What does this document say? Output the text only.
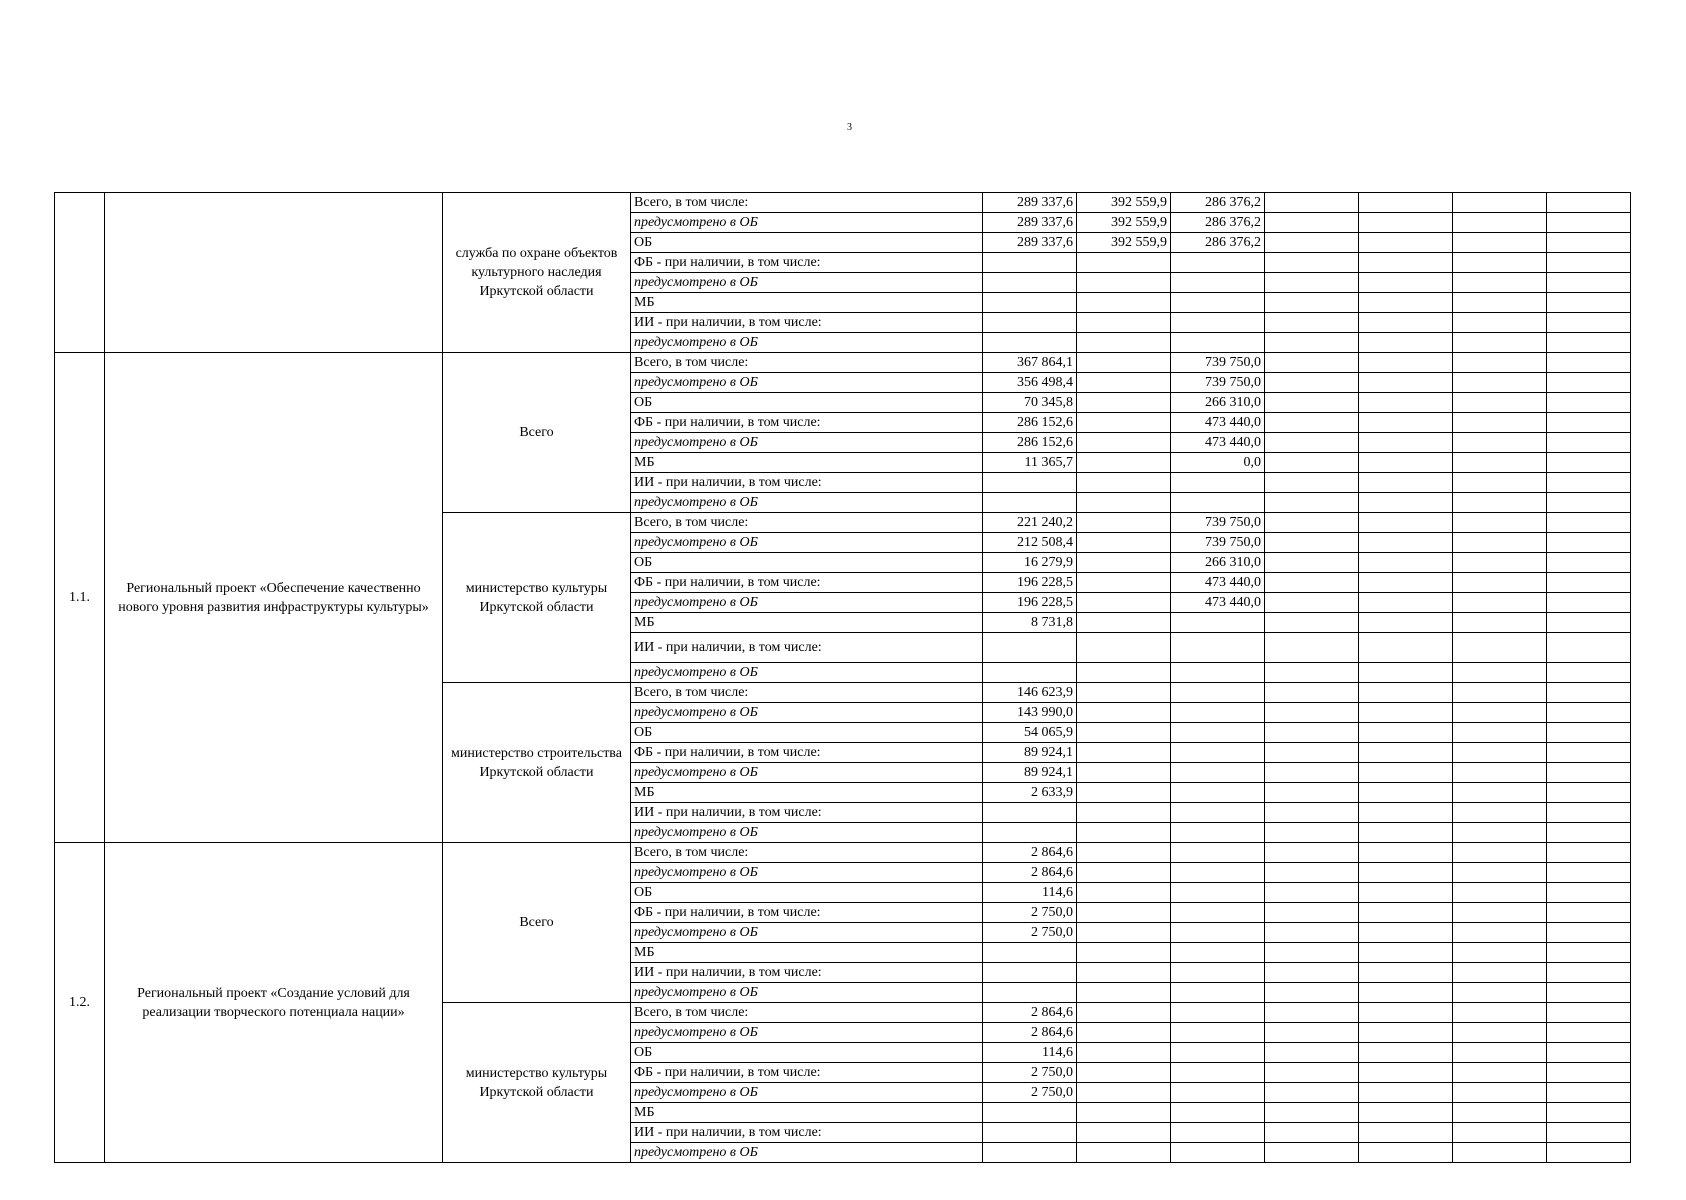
3
		служба по охране объектов культурного наследия Иркутской области	Всего, в том числе:	289 337,6	392 559,9	286 376,2				
			предусмотрено в ОБ	289 337,6	392 559,9	286 376,2				
			ОБ	289 337,6	392 559,9	286 376,2				
			ФБ - при наличии, в том числе:							
			предусмотрено в ОБ							
			МБ							
			ИИ - при наличии, в том числе:							
			предусмотрено в ОБ							
1.1.	Региональный проект «Обеспечение качественно нового уровня развития инфраструктуры культуры»	Всего	Всего, в том числе:	367 864,1		739 750,0				
			предусмотрено в ОБ	356 498,4		739 750,0				
			ОБ	70 345,8		266 310,0				
			ФБ - при наличии, в том числе:	286 152,6		473 440,0				
			предусмотрено в ОБ	286 152,6		473 440,0				
			МБ	11 365,7		0,0				
			ИИ - при наличии, в том числе:							
			предусмотрено в ОБ							
		министерство культуры Иркутской области	Всего, в том числе:	221 240,2		739 750,0				
			предусмотрено в ОБ	212 508,4		739 750,0				
			ОБ	16 279,9		266 310,0				
			ФБ - при наличии, в том числе:	196 228,5		473 440,0				
			предусмотрено в ОБ	196 228,5		473 440,0				
			МБ	8 731,8						
			ИИ - при наличии, в том числе:							
			предусмотрено в ОБ							
		министерство строительства Иркутской области	Всего, в том числе:	146 623,9						
			предусмотрено в ОБ	143 990,0						
			ОБ	54 065,9						
			ФБ - при наличии, в том числе:	89 924,1						
			предусмотрено в ОБ	89 924,1						
			МБ	2 633,9						
			ИИ - при наличии, в том числе:							
			предусмотрено в ОБ							
1.2.	Региональный проект «Создание условий для реализации творческого потенциала нации»	Всего	Всего, в том числе:	2 864,6						
			предусмотрено в ОБ	2 864,6						
			ОБ	114,6						
			ФБ - при наличии, в том числе:	2 750,0						
			предусмотрено в ОБ	2 750,0						
			МБ							
			ИИ - при наличии, в том числе:							
			предусмотрено в ОБ							
		министерство культуры Иркутской области	Всего, в том числе:	2 864,6						
			предусмотрено в ОБ	2 864,6						
			ОБ	114,6						
			ФБ - при наличии, в том числе:	2 750,0						
			предусмотрено в ОБ	2 750,0						
			МБ							
			ИИ - при наличии, в том числе:							
			предусмотрено в ОБ							
